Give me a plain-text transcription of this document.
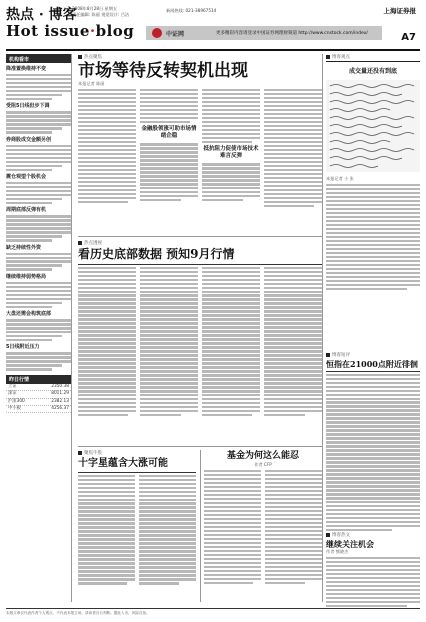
热点 · 博客
Hot issue·blog
2008年8月28日 星期五
责任编辑: 陈丽 视觉设计: 吕洁
新闻热线: 021-38967514	上海证券报
A7
中证网	更多精彩内容请登录中国证券网理财频道 http://www.cnstock.com/index/
机构看市
降准置换维持不变
受阻5日线但步下调
券商股成交金额另创
震仓观望个股机会
周期底部反弹有机
缺乏持续性外资
继续维持弱势格局
大盘还需会构筑底部
5日线附近压力
昨日行情
上证	2350.38
深证	8011.29
沪深300	2382.13
中小板	4256.37
热点聚焦
市场等待反转契机出现
本报记者 陈丽
金融股领涨可助市场情绪企稳
抵抗阻力促使市场技术难言反弹
热点透视
看历史底部数据 预知9月行情
聚焦牛股
十字星蕴含大涨可能
基金为何这么能忍
作者 CFP
博客观点
成交量还没有到底
本报记者 小 张
博客短评
恒指在21000点附近徘徊
博客热文
继续关注机会
作者 熊晓杰
本版文章仅代表作者个人观点，不代表本报立场，请读者自行判断。据此入市，风险自担。
